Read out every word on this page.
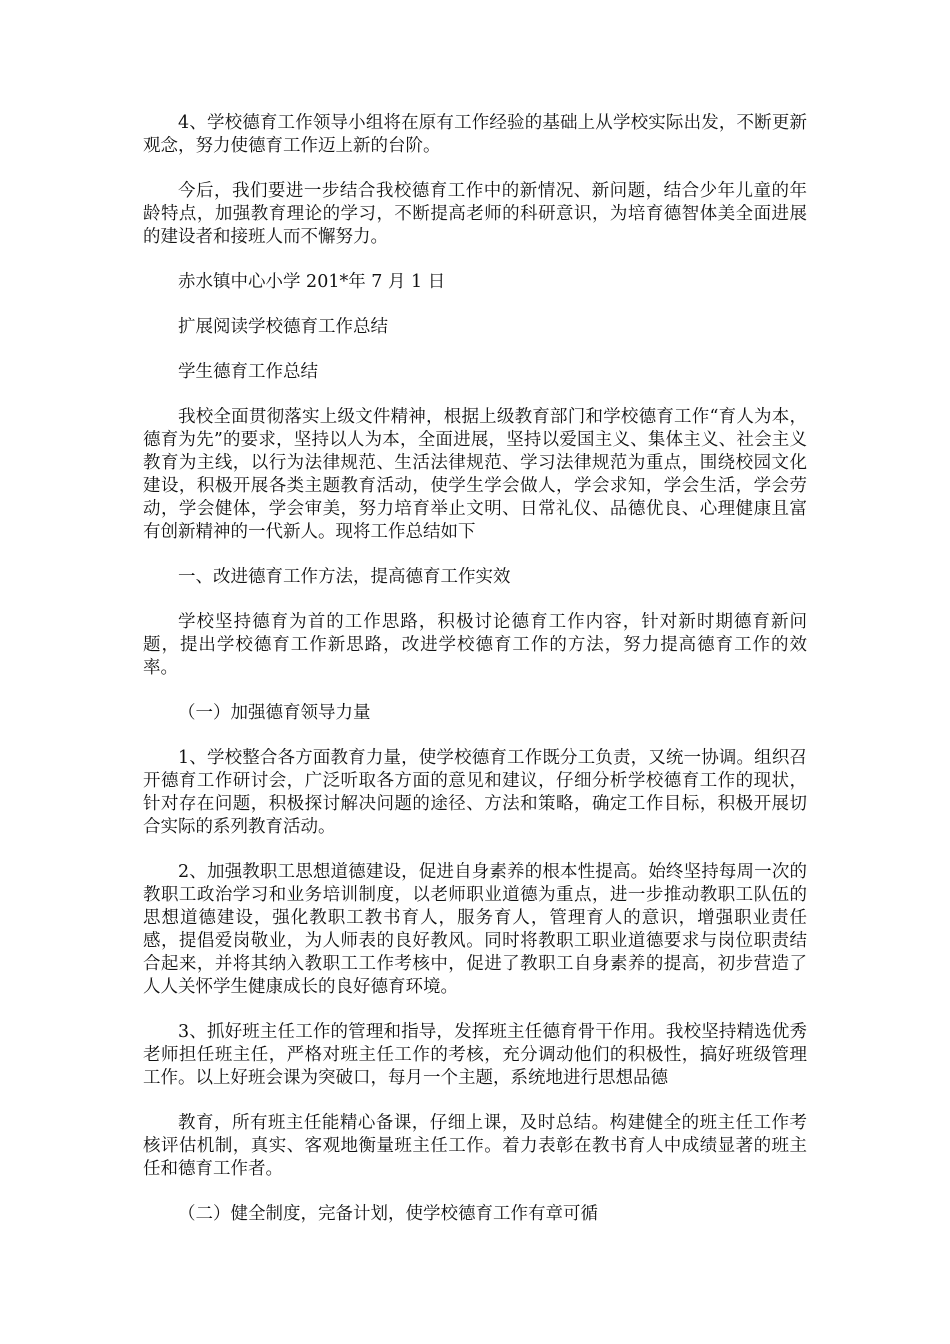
4、学校德育工作领导小组将在原有工作经验的基础上从学校实际出发，不断更新观念，努力使德育工作迈上新的台阶。

今后，我们要进一步结合我校德育工作中的新情况、新问题，结合少年儿童的年龄特点，加强教育理论的学习，不断提高老师的科研意识，为培育德智体美全面进展的建设者和接班人而不懈努力。

赤水镇中心小学 201*年 7 月 1 日

扩展阅读学校德育工作总结

学生德育工作总结

我校全面贯彻落实上级文件精神，根据上级教育部门和学校德育工作“育人为本，德育为先”的要求，坚持以人为本，全面进展，坚持以爱国主义、集体主义、社会主义教育为主线，以行为法律规范、生活法律规范、学习法律规范为重点，围绕校园文化建设，积极开展各类主题教育活动，使学生学会做人，学会求知，学会生活，学会劳动，学会健体，学会审美，努力培育举止文明、日常礼仪、品德优良、心理健康且富有创新精神的一代新人。现将工作总结如下

一、改进德育工作方法，提高德育工作实效

学校坚持德育为首的工作思路，积极讨论德育工作内容，针对新时期德育新问题，提出学校德育工作新思路，改进学校德育工作的方法，努力提高德育工作的效率。

（一）加强德育领导力量

1、学校整合各方面教育力量，使学校德育工作既分工负责，又统一协调。组织召开德育工作研讨会，广泛听取各方面的意见和建议，仔细分析学校德育工作的现状，针对存在问题，积极探讨解决问题的途径、方法和策略，确定工作目标，积极开展切合实际的系列教育活动。

2、加强教职工思想道德建设，促进自身素养的根本性提高。始终坚持每周一次的教职工政治学习和业务培训制度，以老师职业道德为重点，进一步推动教职工队伍的思想道德建设，强化教职工教书育人，服务育人，管理育人的意识，增强职业责任感，提倡爱岗敬业，为人师表的良好教风。同时将教职工职业道德要求与岗位职责结合起来，并将其纳入教职工工作考核中，促进了教职工自身素养的提高，初步营造了人人关怀学生健康成长的良好德育环境。

3、抓好班主任工作的管理和指导，发挥班主任德育骨干作用。我校坚持精选优秀老师担任班主任，严格对班主任工作的考核，充分调动他们的积极性，搞好班级管理工作。以上好班会课为突破口，每月一个主题，系统地进行思想品德

教育，所有班主任能精心备课，仔细上课，及时总结。构建健全的班主任工作考核评估机制，真实、客观地衡量班主任工作。着力表彰在教书育人中成绩显著的班主任和德育工作者。

（二）健全制度，完备计划，使学校德育工作有章可循
